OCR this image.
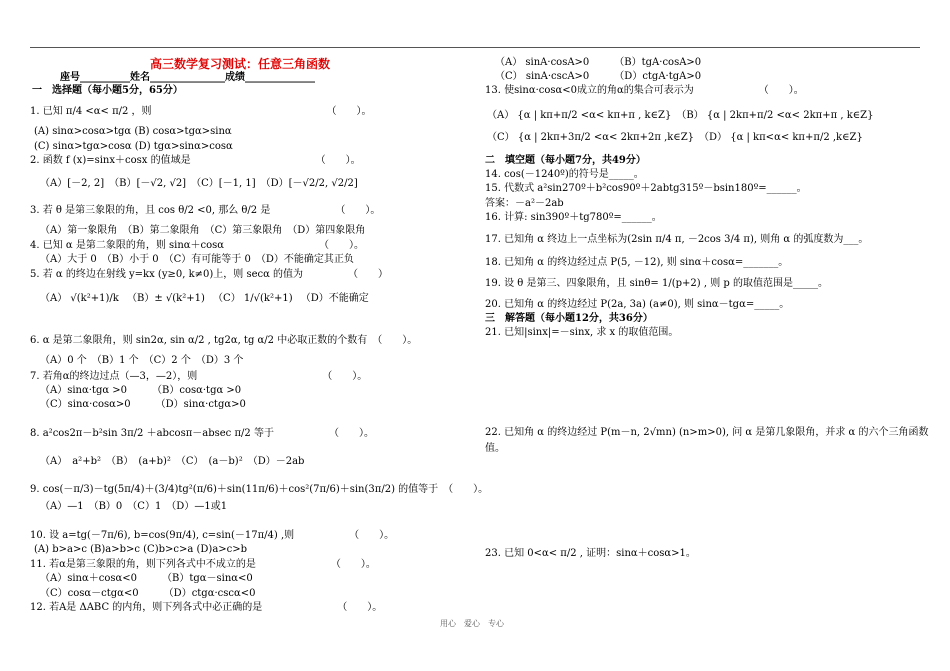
高三数学复习测试：任意三角函数
座号__________姓名_______________成绩______________
一　选择题（每小题5分，65分）
1. 已知 π/4 <α< π/2 ，则　　　　　　　　　　　　　　　　　　（　　）。
(A) sinα>cosα>tgα (B) cosα>tgα>sinα
(C) sinα>tgα>cosα (D) tgα>sinα>cosα
2. 函数 f (x)=sinx＋cosx 的值域是　　　　　　　　　　　　　（　　）。
（A）[－2, 2]　（B）[－√2, √2]　（C）[－1, 1]　（D）[－√2/2, √2/2]
3. 若 θ 是第三象限的角，且 cos θ/2 <0, 那么 θ/2 是　　　　　　　（　　）。
（A）第一象限角　（B）第二象限角　（C）第三象限角　（D）第四象限角
4. 已知 α 是第二象限的角，则 sinα＋cosα　　　　　　　　　　（　　）。
（A）大于 0　（B）小于 0　（C）有可能等于 0　（D）不能确定其正负
5. 若 α 的终边在射线 y=kx (y≥0, k≠0)上，则 secα 的值为　　　　　（　　）
（A） √(k²+1)/k 　（B）± √(k²+1) 　（C） 1/√(k²+1) 　（D）不能确定
6. α 是第二象限角，则 sin2α, sin α/2 , tg2α, tg α/2 中必取正数的个数有　（　　）。
（A）0 个　（B）1 个　（C）2 个　（D）3 个
7. 若角α的终边过点（—3，—2），则　　　　　　　　　　　　　（　　）。
（A）sinα·tgα >0　　　（B）cosα·tgα >0
（C）sinα·cosα>0　　　（D）sinα·ctgα>0
8. a²cos2π－b²sin 3π/2 ＋abcosπ－absec π/2 等于　　　　　　（　　）。
（A）　a²+b²　（B）　(a+b)²　（C）　(a－b)²　（D）－2ab
9. cos(－π/3)－tg(5π/4)＋(3/4)tg²(π/6)＋sin(11π/6)＋cos²(7π/6)＋sin(3π/2) 的值等于　（　　）。
（A）—1　（B）0　（C）1　（D）—1或1
10. 设 a=tg(－7π/6), b=cos(9π/4), c=sin(－17π/4) ,则　　　　　　（　　）。
(A) b>a>c (B)a>b>c (C)b>c>a (D)a>c>b
11. 若α是第三象限的角，则下列各式中不成立的是　　　　　　　　（　　）。
（A）sinα＋cosα<0　　　（B）tgα－sinα<0
（C）cosα－ctgα<0　　　（D）ctgα·cscα<0
12. 若A是 ΔABC 的内角，则下列各式中必正确的是　　　　　　　　（　　）。
（A） sinA·cosA>0　　　（B）tgA·cosA>0
（C） sinA·cscA>0　　　（D）ctgA·tgA>0
13. 使sinα·cosα<0成立的角α的集合可表示为　　　　　　　（　　）。
（A） {α | kπ+π/2 <α< kπ+π , k∈Z}　（B） {α | 2kπ+π/2 <α< 2kπ+π , k∈Z}
（C） {α | 2kπ+3π/2 <α< 2kπ+2π ,k∈Z}　（D） {α | kπ<α< kπ+π/2 ,k∈Z}
二　填空题（每小题7分，共49分）
14. cos(－1240º)的符号是_____。
15. 代数式 a²sin270º＋b²cos90º＋2abtg315º－bsin180º=______。
答案：－a²－2ab
16. 计算: sin390º＋tg780º=______。
17. 已知角 α 终边上一点坐标为(2sin π/4 π, －2cos 3/4 π), 则角 α 的弧度数为___。
18. 已知角 α 的终边经过点 P(5, －12), 则 sinα＋cosα=_______。
19. 设 θ 是第三、四象限角，且 sinθ= 1/(p+2) , 则 p 的取值范围是_____。
20. 已知角 α 的终边经过 P(2a, 3a) (a≠0), 则 sinα－tgα=_____。
三　解答题（每小题12分，共36分）
21. 已知|sinx|=－sinx, 求 x 的取值范围。
22. 已知角 α 的终边经过 P(m－n, 2√mn) (n>m>0), 问 α 是第几象限角，并求 α 的六个三角函数
值。
23. 已知 0<α< π/2 , 证明：sinα＋cosα>1。
用心　爱心　专心
